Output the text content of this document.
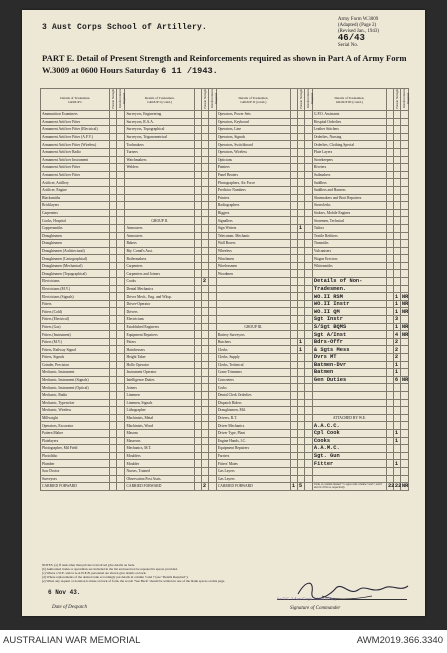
3 Aust Corps School of Artillery.
Army Form W.3009
(Adapted) (Page 2)
(Revised Jan., 1943)
46/43
Serial No.
PART E. Detail of Present Strength and Reinforcements required as shown in Part A of Army Form W.3009 at 0600 Hours Saturday 6 11 /1943.
Details of Tradesmen.
GROUP I.	Present Strength	Reinforcements Required	Details of Tradesmen.
GROUP I (contd.)		Present Strength	Reinforcements Required	Details of Tradesmen.
GROUP II (contd.)		Present Strength	Reinforcements Required	Details of Tradesmen.
GROUP III (contd.)		Present Strength	Reinforcements Required
Ammunition Examiners			Surveyors, Engineering				Operators, Power Sets				G.P.O. Assistants			
Armament Artificer Fitter			Surveyors, R.A.A.				Operators, Keyboard				Hospital Orderlies			
Armament Artificer Fitter (Electrical)			Surveyors, Topographical				Operators, Line				Leather Stitchers			
Armament Artificer Fitter (A.F.V.)			Surveyors, Trigonometrical				Operators, Signals				Orderlies, Nursing			
Armament Artificer Fitter (Wireless)			Toolmakers				Operators, Switchboard				Orderlies, Clothing Special			
Armament Artificer Radio			Turners				Operators, Wireless				Plate Layers			
Armament Artificer Instrument			Watchmakers				Opticians				Storekeepers			
Armament Artificer Fitter			Welders				Painters				Riveters			
Armament Artificer Fitter							Panel Beaters				Sailmakers			
Artificer, Artillery							Photographers, Air Force				Saddlers			
Artificer, Engine							Predictor Numbers				Saddlers and Harness			
Blacksmiths							Printers				Shoemakers and Boot Repairers			
Bricklayers							Radiographers				Storeclerks			
Carpenters							Riggers				Stokers, Mobile Engines			
Cooks, Hospital			GROUP II.				Signallers				Storemen, Technical			
Coppersmiths			Armourers				Sign Writers		1		Tailors			
Draughtsmen			Armourers				Telecomm. Mechanic				Textile Refitters			
Draughtsmen			Bakers				Wall Borers				Tinsmiths			
Draughtsmen (Architectural)			Bty. Comd's Asst.				Wheelers				Vulcanisers			
Draughtsmen (Cartographical)			Boilermakers				Winchmen				Wagon Erectors			
Draughtsmen (Mechanical)			Carpenters				Wirelessmen				Whitesmiths			
Draughtsmen (Topographical)			Carpenters and Joiners				Woodmen							
Electricians			Cooks		2						Details of Non-			
Electricians (M.V.)			Dental Mechanics								Tradesmen.			
Electricians (Signals)			Driver Mech., Eng. and Wksp.								WO.II RSM		1	NR
Fitters			Driver-Operator								WO.II Instr		1	NR
Fitters (Cold)			Drivers								WO.II QM		1	NR
Fitters (Electrical)			Electricians								Sgt Instr		3	
Fitters (Gas)			Established Engineers				GROUP III.				S/Sgt BQMS		1	NR
Fitters (Instrument)			Equipment Repairers				Battery Surveyors				Sgt A/Inst		4	NR
Fitters (M.V.)			Fitters				Butchers		1		Bdrs-Offr		2	
Fitters, Railway Signal			Hairdressers				Clerks		1		& Sgts Mess		2	
Fitters, Signals			Height Taker				Clerks, Supply				Dvrs MT		2	
Grinder, Precision			Hollo Operator				Clerks, Technical				Batmen-Dvr		1	
Mechanic, Instrument			Instrument Operator				Crane Trimmers				Batmen		1	
Mechanic, Instrument (Signals)			Intelligence Duties				Concreters				Gen Duties		6	NR
Mechanic, Instrument (Optical)			Joiners				Corks							
Mechanic, Radio			Linemen				Dental Clerk Orderlies							
Mechanic, Typewriter			Linemen, Signals				Dispatch Riders							
Mechanic, Wireless			Lithographer				Draughtsmen, Mil.							
Millwright			Machinists, Metal				Drivers, R.T.				ATTACHED BY W.E.			
Operators, Excavator			Machinists, Wood				Driver Mechanics				A.A.C.C.			
Pattern Maker			Masons				Driver Type, Plant				Cpl Cook		1	
Platelayers			Masseurs				Engine Hands, I.C.				Cooks		1	
Photographer, Mil Field			Mechanics, M.T.				Equipment Repairers				A.A.M.C.			
Photolitho			Moulders				Farriers				Sgt. Gun			
Plumber			Moulder				Fitters' Mates				Fitter		1	
Saw Doctor			Nurses, Trained				Gas Layers							
Surveyors			Observation Post Assts.				Gas Layers							
CARRIED FORWARD			CARRIED FORWARD		2		CARRIED FORWARD	1	5		Totals of columns marked * to agree with columns 3 and 7, and 8 and 16 of Part A. respectively.	22	22	NR
NOTES. (a) If rank other than private is involved give details on back.
(b) Authorised trades or specialists are included in the list and need not be repeated in spaces provided.
(c) Where a W.E. and/or A.A.W.E.B. personnel are shown give details on back.
(d) Where replacements of the desired rank accordingly put details in column 3 and 7 (see "Details Required").
(e) When any request or notation is made on back of form, the words "See Back" should be written in one of the blank spaces on this page.
6 Nov 43.
Date of Despatch
for O.C. 3 Aust Corps School of Arty
Signature of Commander
AUSTRALIAN WAR MEMORIAL	AWM2019.366.3340
